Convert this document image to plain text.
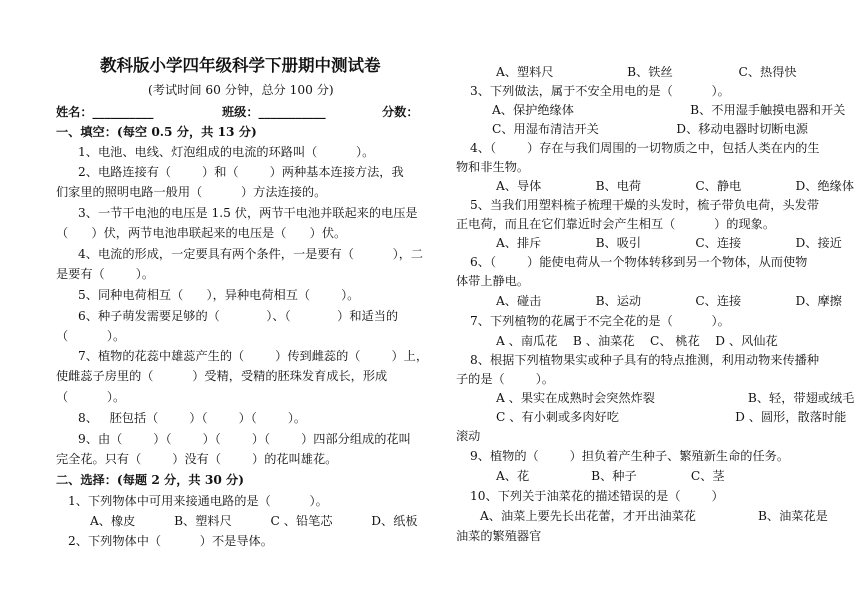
教科版小学四年级科学下册期中测试卷
(考试时间 60 分钟，总分 100 分)
姓名：__________	班级：___________	分数：
一、填空：(每空 0.5 分，共 13 分)
1、电池、电线、灯泡组成的电流的环路叫（          ）。
2、电路连接有（        ）和（        ）两种基本连接方法，我
们家里的照明电路一般用（          ）方法连接的。
3、一节干电池的电压是 1.5 伏，两节干电池并联起来的电压是
（      ）伏，两节电池串联起来的电压是（      ）伏。
4、电流的形成，一定要具有两个条件，一是要有（          ），二
是要有（        ）。
5、同种电荷相互（      ），异种电荷相互（        ）。
6、种子萌发需要足够的（            ）、（            ）和适当的
（          ）。
7、植物的花蕊中雄蕊产生的（        ）传到雌蕊的（        ）上，
使雌蕊子房里的（          ）受精，受精的胚珠发育成长，形成
（          ）。
8、   胚包括（        ）（        ）（        ）。
9、由（        ）（        ）（        ）（        ）四部分组成的花叫
完全花。只有（        ）没有（        ）的花叫雄花。
二、选择：(每题 2 分，共 30 分)
1、下列物体中可用来接通电路的是（          ）。
A、橡皮          B、塑料尺          C 、铅笔芯          D、纸板
2、下列物体中（          ）不是导体。
A、塑料尺                   B、铁丝                 C、热得快
3、下列做法，属于不安全用电的是（          ）。
A、保护绝缘体                              B、不用湿手触摸电器和开关
C、用湿布清洁开关                    D、移动电器时切断电源
4、（        ）存在与我们周围的一切物质之中，包括人类在内的生
物和非生物。
A、导体              B、电荷              C、静电              D、绝缘体
5、当我们用塑料梳子梳理干燥的头发时，梳子带负电荷，头发带
正电荷，而且在它们靠近时会产生相互（          ）的现象。
A、排斥              B、吸引              C、连接              D、接近
6、（        ）能使电荷从一个物体转移到另一个物体，从而使物
体带上静电。
A、碰击              B、运动              C、连接              D、摩擦
7、下列植物的花属于不完全花的是（          ）。
A 、南瓜花    B 、油菜花    C、 桃花    D 、风仙花
8、根据下列植物果实或种子具有的特点推测，利用动物来传播种
子的是（        ）。
A 、果实在成熟时会突然炸裂                        B、轻，带翅或绒毛
C 、有小刺或多肉好吃                              D 、圆形，散落时能
滚动
9、植物的（        ）担负着产生种子、繁殖新生命的任务。
A、花                B、种子              C、茎
10、下列关于油菜花的描述错误的是（        ）
A、油菜上要先长出花蕾，才开出油菜花                B、油菜花是
油菜的繁殖器官
